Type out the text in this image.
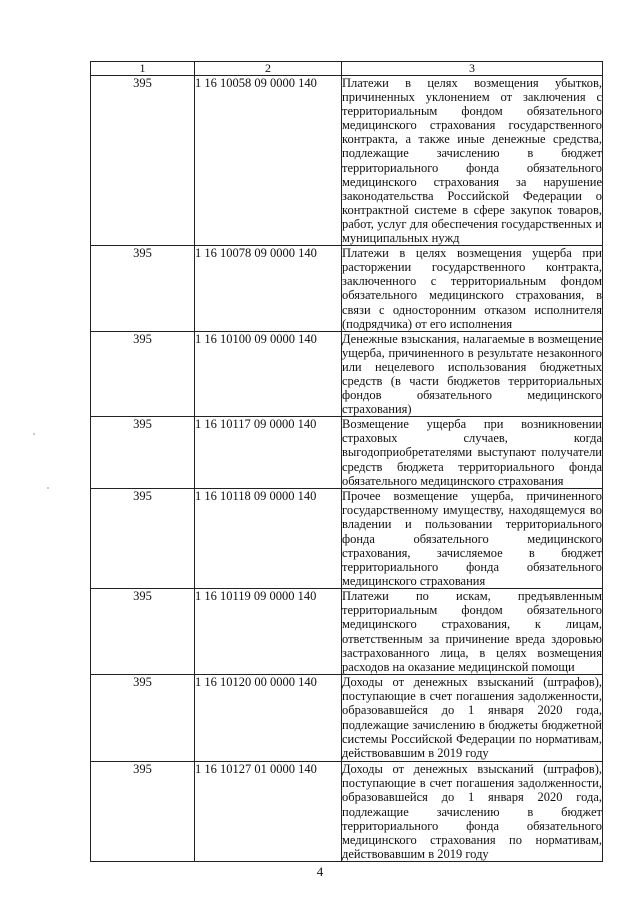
1	2	3
395	1 16 10058 09 0000 140	Платежи в целях возмещения убытков, причиненных уклонением от заключения с территориальным фондом обязательного медицинского страхования государственного контракта, а также иные денежные средства, подлежащие зачислению в бюджет территориального фонда обязательного медицинского страхования за нарушение законодательства Российской Федерации о контрактной системе в сфере закупок товаров, работ, услуг для обеспечения государственных и муниципальных нужд
395	1 16 10078 09 0000 140	Платежи в целях возмещения ущерба при расторжении государственного контракта, заключенного с территориальным фондом обязательного медицинского страхования, в связи с односторонним отказом исполнителя (подрядчика) от его исполнения
395	1 16 10100 09 0000 140	Денежные взыскания, налагаемые в возмещение ущерба, причиненного в результате незаконного или нецелевого использования бюджетных средств (в части бюджетов территориальных фондов обязательного медицинского страхования)
395	1 16 10117 09 0000 140	Возмещение ущерба при возникновении страховых случаев, когда выгодоприобретателями выступают получатели средств бюджета территориального фонда обязательного медицинского страхования
395	1 16 10118 09 0000 140	Прочее возмещение ущерба, причиненного государственному имуществу, находящемуся во владении и пользовании территориального фонда обязательного медицинского страхования, зачисляемое в бюджет территориального фонда обязательного медицинского страхования
395	1 16 10119 09 0000 140	Платежи по искам, предъявленным территориальным фондом обязательного медицинского страхования, к лицам, ответственным за причинение вреда здоровью застрахованного лица, в целях возмещения расходов на оказание медицинской помощи
395	1 16 10120 00 0000 140	Доходы от денежных взысканий (штрафов), поступающие в счет погашения задолженности, образовавшейся до 1 января 2020 года, подлежащие зачислению в бюджеты бюджетной системы Российской Федерации по нормативам, действовавшим в 2019 году
395	1 16 10127 01 0000 140	Доходы от денежных взысканий (штрафов), поступающие в счет погашения задолженности, образовавшейся до 1 января 2020 года, подлежащие зачислению в бюджет территориального фонда обязательного медицинского страхования по нормативам, действовавшим в 2019 году
4
